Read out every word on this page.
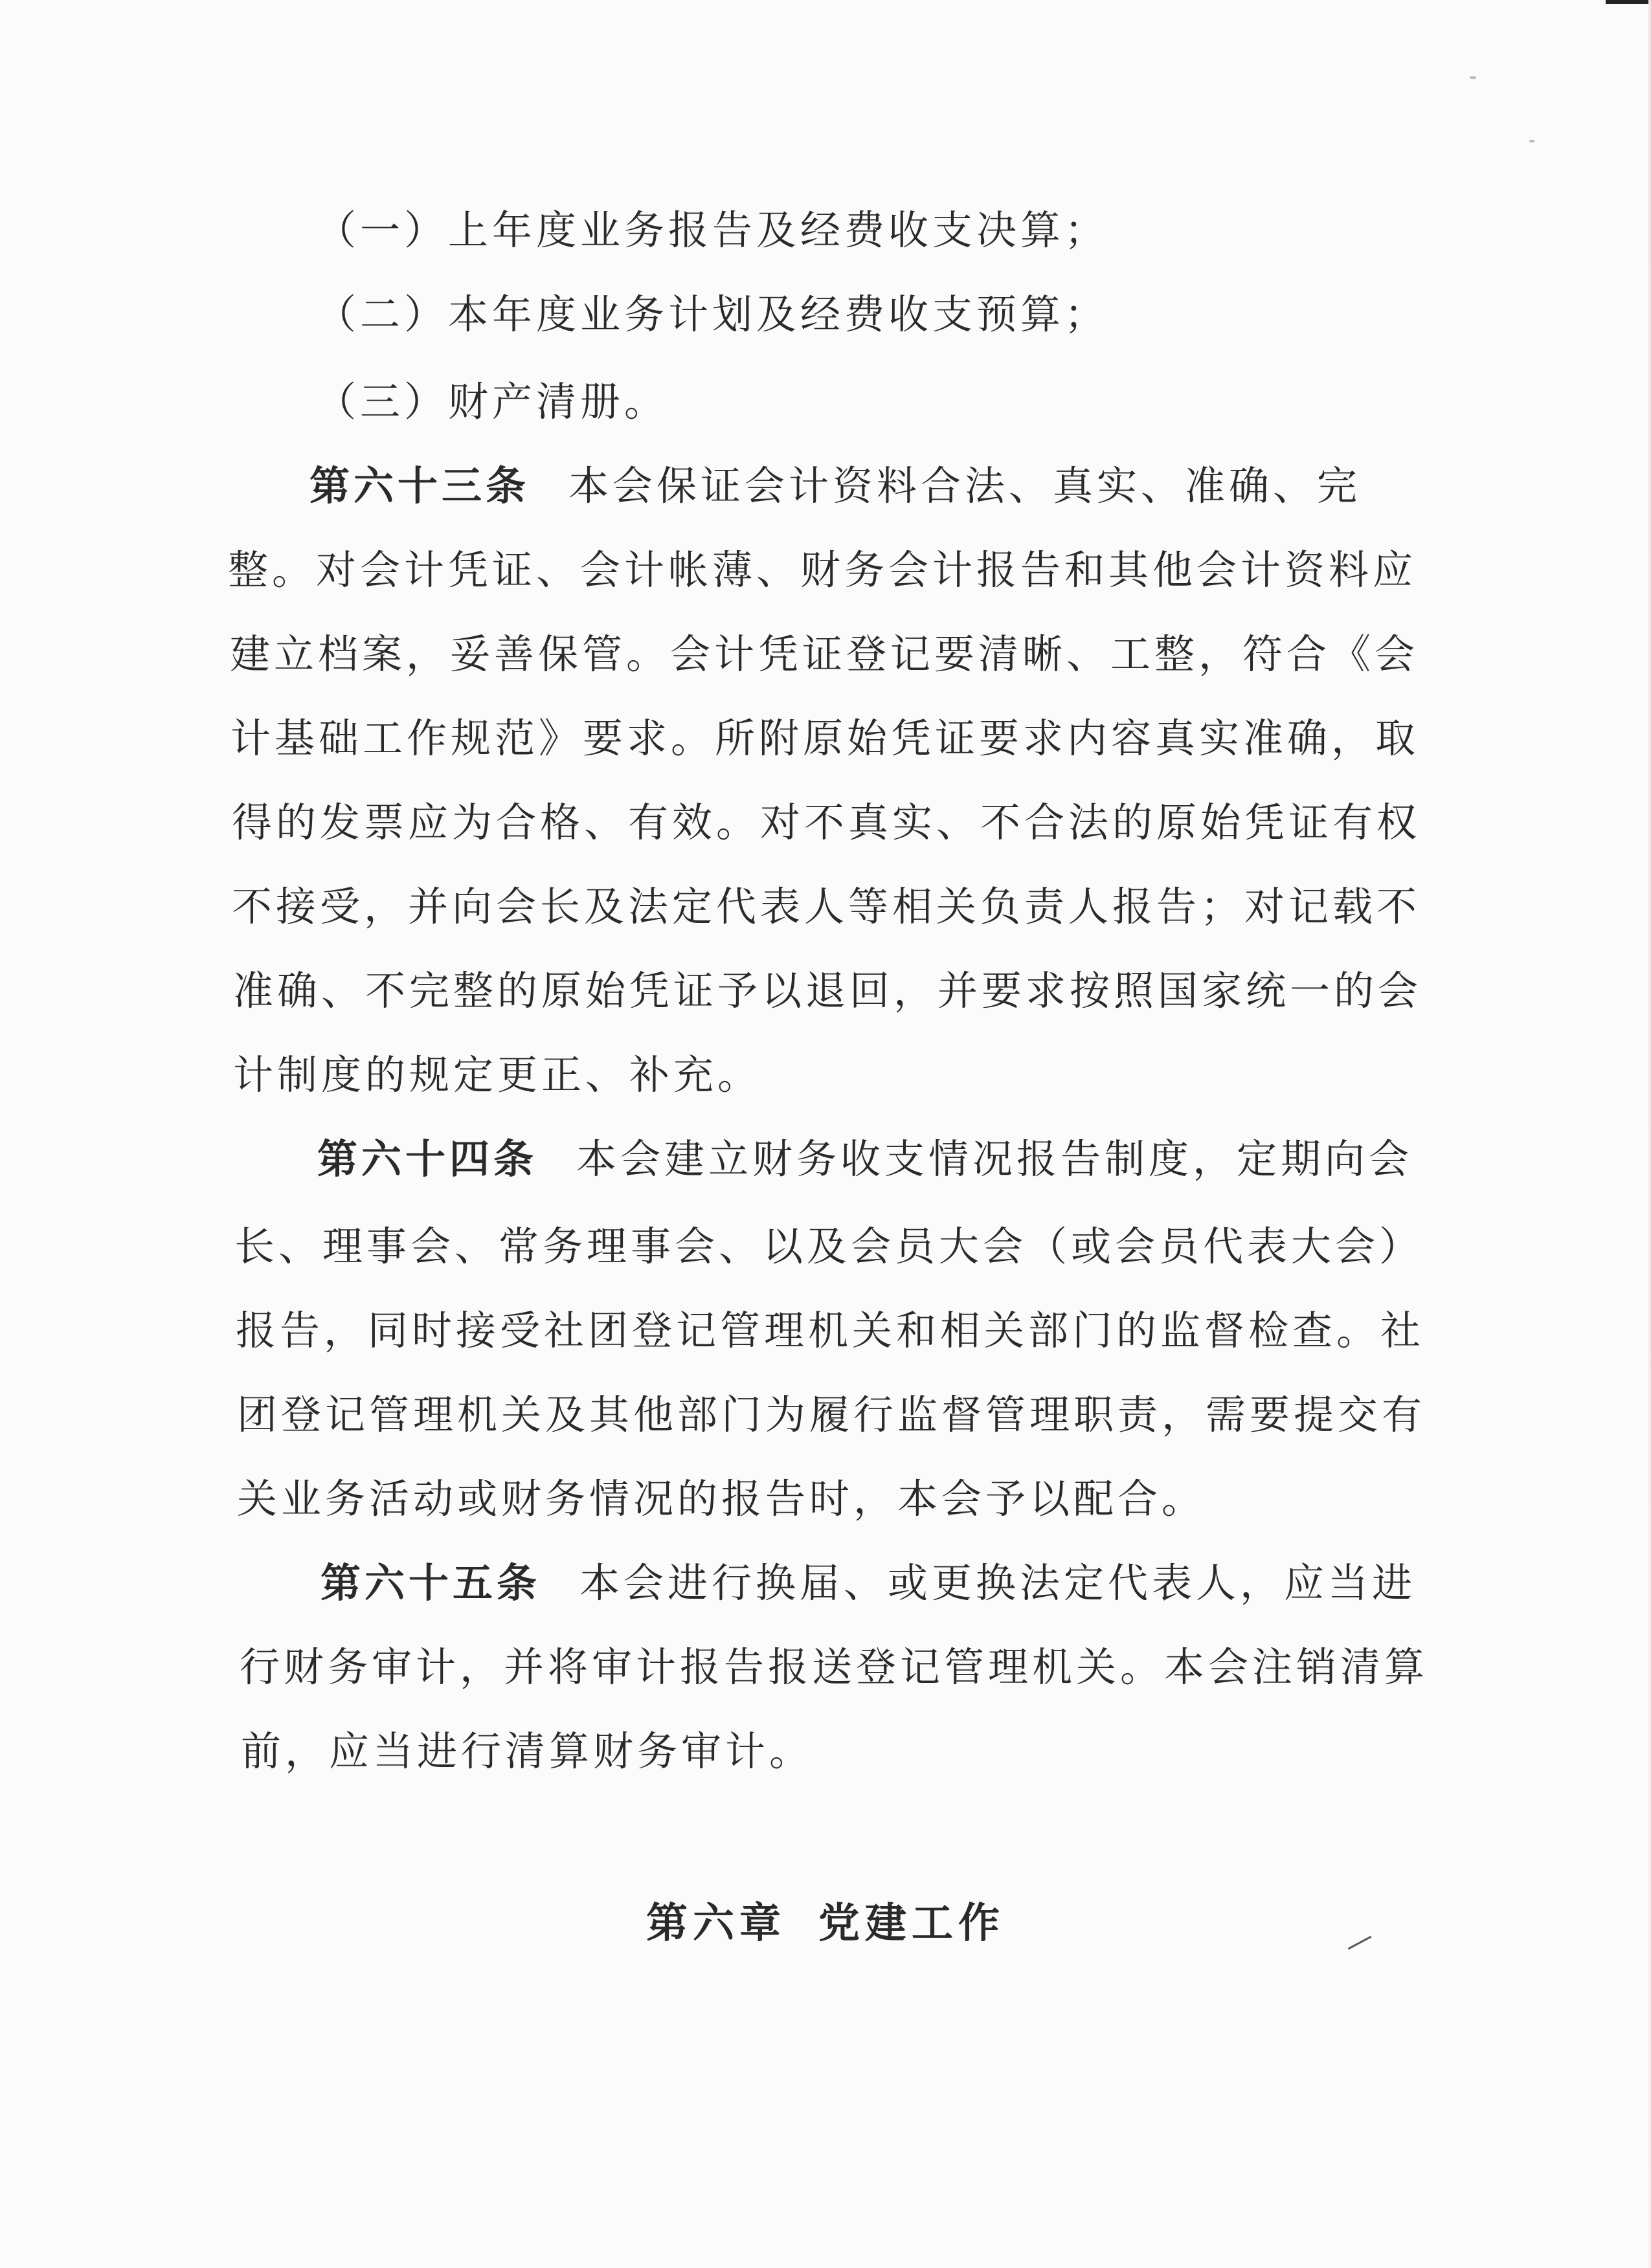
（一）上年度业务报告及经费收支决算；
（二）本年度业务计划及经费收支预算；
（三）财产清册。
第六十三条 本会保证会计资料合法、真实、准确、完
整。对会计凭证、会计帐薄、财务会计报告和其他会计资料应
建立档案，妥善保管。会计凭证登记要清晰、工整，符合《会
计基础工作规范》要求。所附原始凭证要求内容真实准确，取
得的发票应为合格、有效。对不真实、不合法的原始凭证有权
不接受，并向会长及法定代表人等相关负责人报告；对记载不
准确、不完整的原始凭证予以退回，并要求按照国家统一的会
计制度的规定更正、补充。
第六十四条 本会建立财务收支情况报告制度，定期向会
长、理事会、常务理事会、以及会员大会（或会员代表大会）
报告，同时接受社团登记管理机关和相关部门的监督检查。社
团登记管理机关及其他部门为履行监督管理职责，需要提交有
关业务活动或财务情况的报告时，本会予以配合。
第六十五条 本会进行换届、或更换法定代表人，应当进
行财务审计，并将审计报告报送登记管理机关。本会注销清算
前，应当进行清算财务审计。
第六章 党建工作
